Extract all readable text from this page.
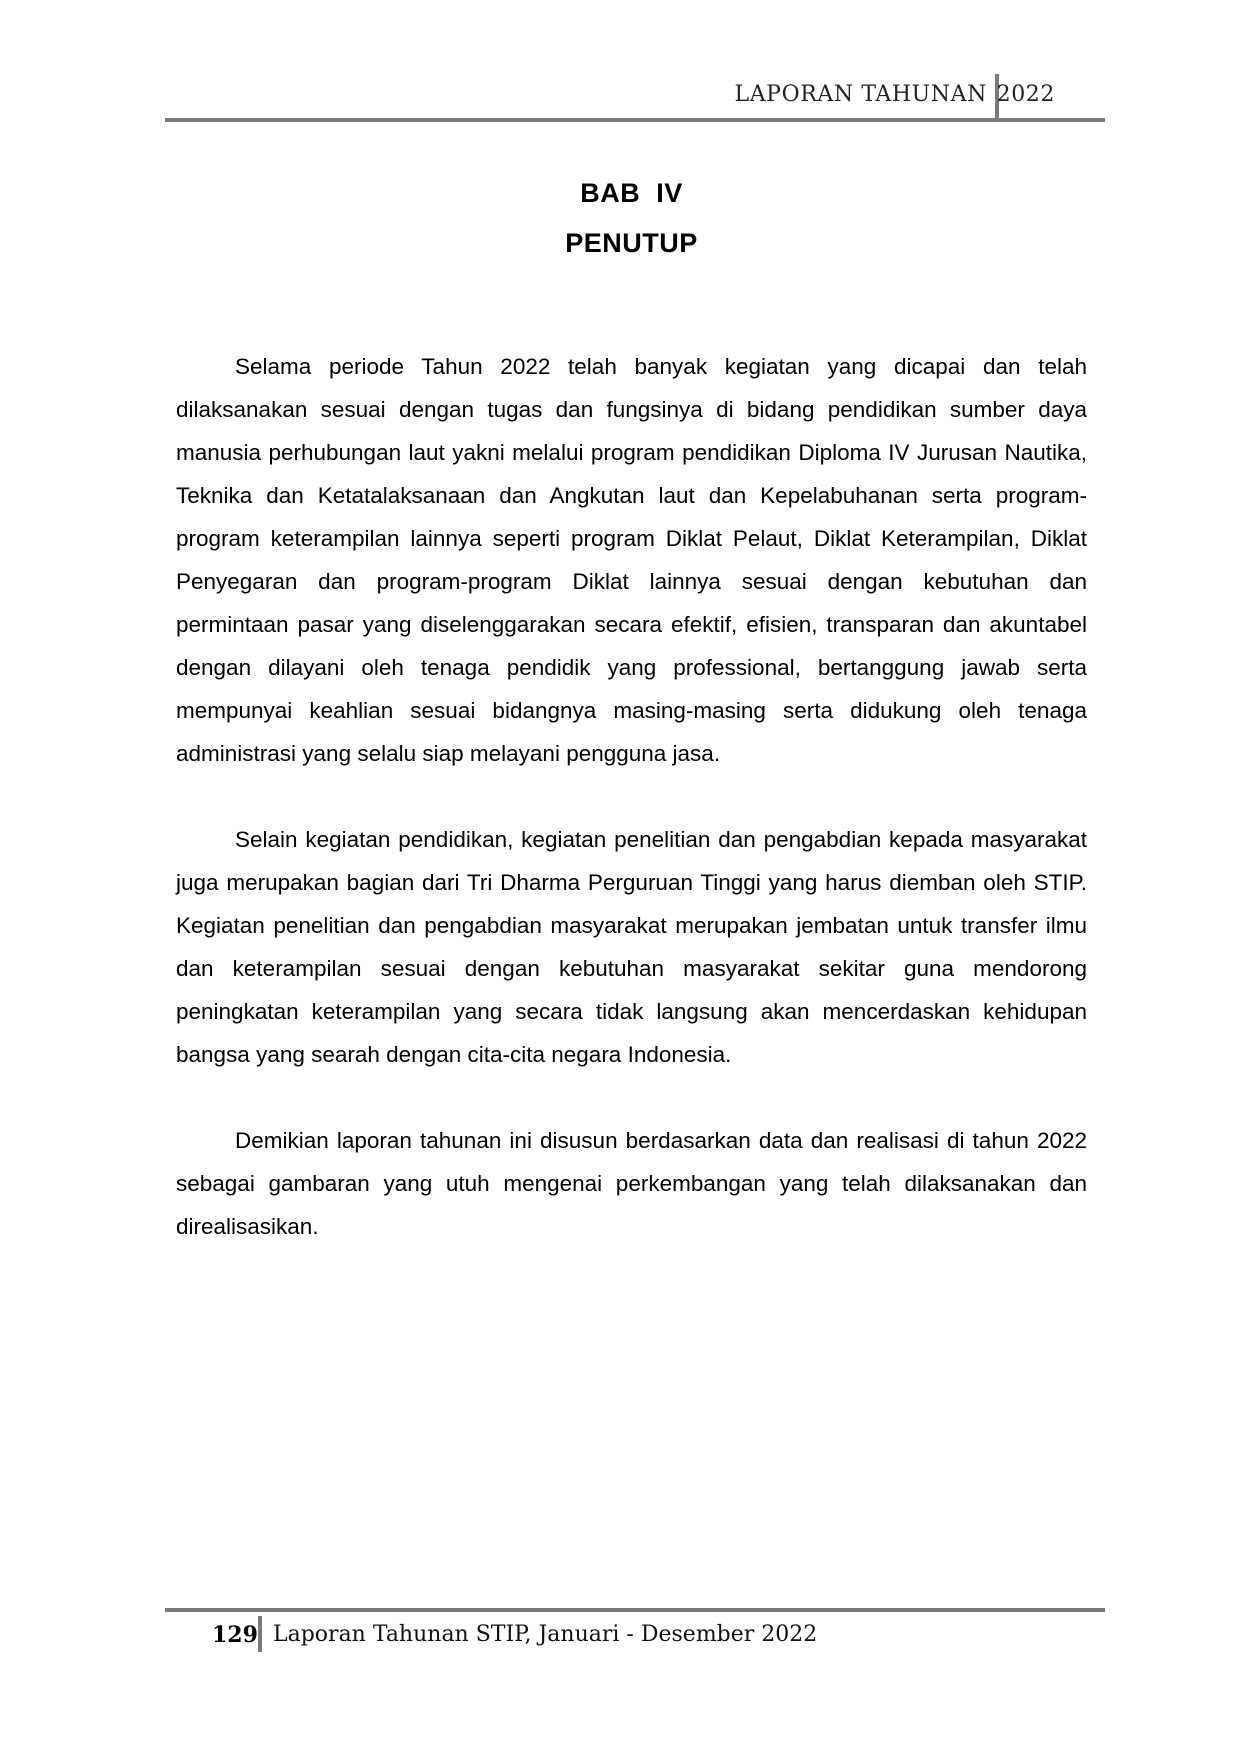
LAPORAN TAHUNAN 2022
BAB  IV
PENUTUP

Selama periode Tahun 2022 telah banyak kegiatan yang dicapai dan telah dilaksanakan sesuai dengan tugas dan fungsinya di bidang pendidikan sumber daya manusia perhubungan laut yakni melalui program pendidikan Diploma IV Jurusan Nautika, Teknika dan Ketatalaksanaan dan Angkutan laut dan Kepelabuhanan serta program-program keterampilan lainnya seperti program Diklat Pelaut, Diklat Keterampilan, Diklat Penyegaran dan program-program Diklat lainnya sesuai dengan kebutuhan dan permintaan pasar yang diselenggarakan secara efektif, efisien, transparan dan akuntabel dengan dilayani oleh tenaga pendidik yang professional, bertanggung jawab serta mempunyai keahlian sesuai bidangnya masing-masing serta didukung oleh tenaga administrasi yang selalu siap melayani pengguna jasa.

Selain kegiatan pendidikan, kegiatan penelitian dan pengabdian kepada masyarakat juga merupakan bagian dari Tri Dharma Perguruan Tinggi yang harus diemban oleh STIP. Kegiatan penelitian dan pengabdian masyarakat merupakan jembatan untuk transfer ilmu dan keterampilan sesuai dengan kebutuhan masyarakat sekitar guna mendorong peningkatan keterampilan yang secara tidak langsung akan mencerdaskan kehidupan bangsa yang searah dengan cita-cita negara Indonesia.

Demikian laporan tahunan ini disusun berdasarkan data dan realisasi di tahun 2022 sebagai gambaran yang utuh mengenai perkembangan yang telah dilaksanakan dan direalisasikan.

129 Laporan Tahunan STIP, Januari - Desember 2022
